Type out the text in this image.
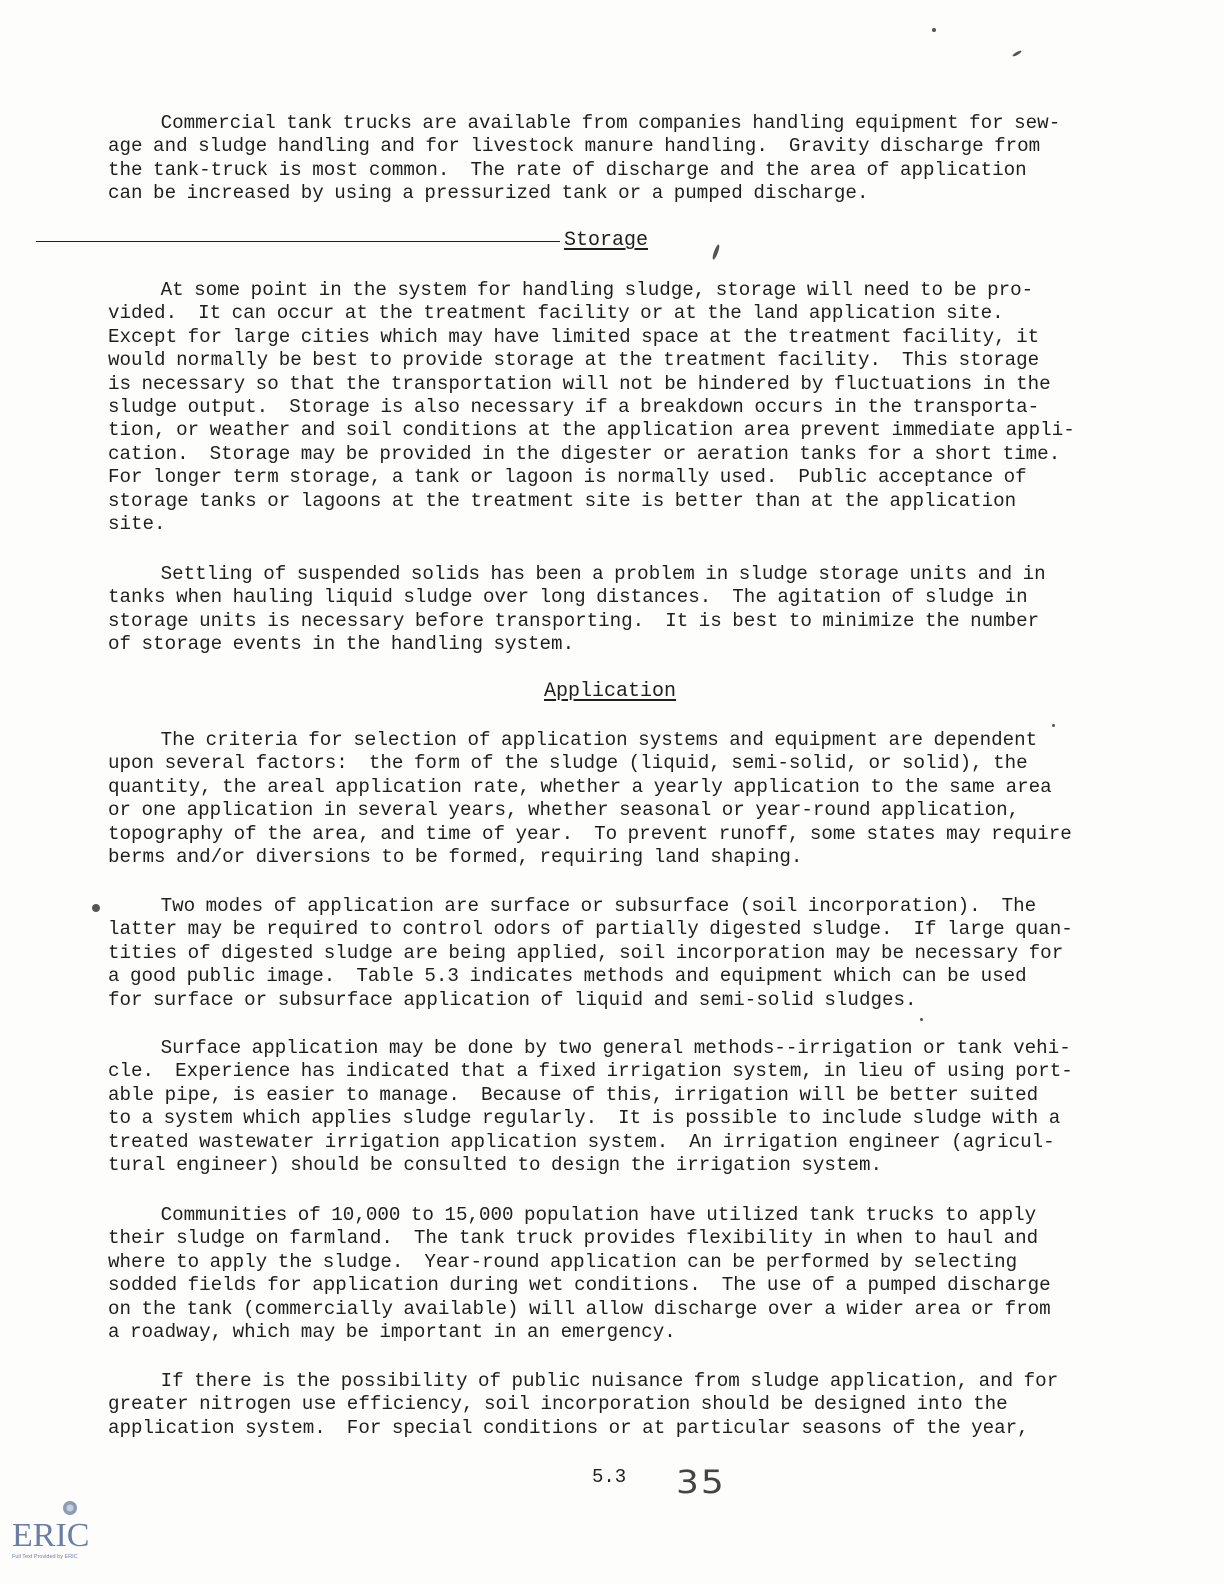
Commercial tank trucks are available from companies handling equipment for sew-
age and sludge handling and for livestock manure handling.  Gravity discharge from
the tank-truck is most common.  The rate of discharge and the area of application
can be increased by using a pressurized tank or a pumped discharge.
Storage
At some point in the system for handling sludge, storage will need to be pro-
vided.  It can occur at the treatment facility or at the land application site.
Except for large cities which may have limited space at the treatment facility, it
would normally be best to provide storage at the treatment facility.  This storage
is necessary so that the transportation will not be hindered by fluctuations in the
sludge output.  Storage is also necessary if a breakdown occurs in the transporta-
tion, or weather and soil conditions at the application area prevent immediate appli-
cation.  Storage may be provided in the digester or aeration tanks for a short time.
For longer term storage, a tank or lagoon is normally used.  Public acceptance of
storage tanks or lagoons at the treatment site is better than at the application
site.
Settling of suspended solids has been a problem in sludge storage units and in
tanks when hauling liquid sludge over long distances.  The agitation of sludge in
storage units is necessary before transporting.  It is best to minimize the number
of storage events in the handling system.
Application
The criteria for selection of application systems and equipment are dependent
upon several factors:  the form of the sludge (liquid, semi-solid, or solid), the
quantity, the areal application rate, whether a yearly application to the same area
or one application in several years, whether seasonal or year-round application,
topography of the area, and time of year.  To prevent runoff, some states may require
berms and/or diversions to be formed, requiring land shaping.
Two modes of application are surface or subsurface (soil incorporation).  The
latter may be required to control odors of partially digested sludge.  If large quan-
tities of digested sludge are being applied, soil incorporation may be necessary for
a good public image.  Table 5.3 indicates methods and equipment which can be used
for surface or subsurface application of liquid and semi-solid sludges.
Surface application may be done by two general methods--irrigation or tank vehi-
cle.  Experience has indicated that a fixed irrigation system, in lieu of using port-
able pipe, is easier to manage.  Because of this, irrigation will be better suited
to a system which applies sludge regularly.  It is possible to include sludge with a
treated wastewater irrigation application system.  An irrigation engineer (agricul-
tural engineer) should be consulted to design the irrigation system.
Communities of 10,000 to 15,000 population have utilized tank trucks to apply
their sludge on farmland.  The tank truck provides flexibility in when to haul and
where to apply the sludge.  Year-round application can be performed by selecting
sodded fields for application during wet conditions.  The use of a pumped discharge
on the tank (commercially available) will allow discharge over a wider area or from
a roadway, which may be important in an emergency.
If there is the possibility of public nuisance from sludge application, and for
greater nitrogen use efficiency, soil incorporation should be designed into the
application system.  For special conditions or at particular seasons of the year,
5.3 35
ERIC
Full Text Provided by ERIC
